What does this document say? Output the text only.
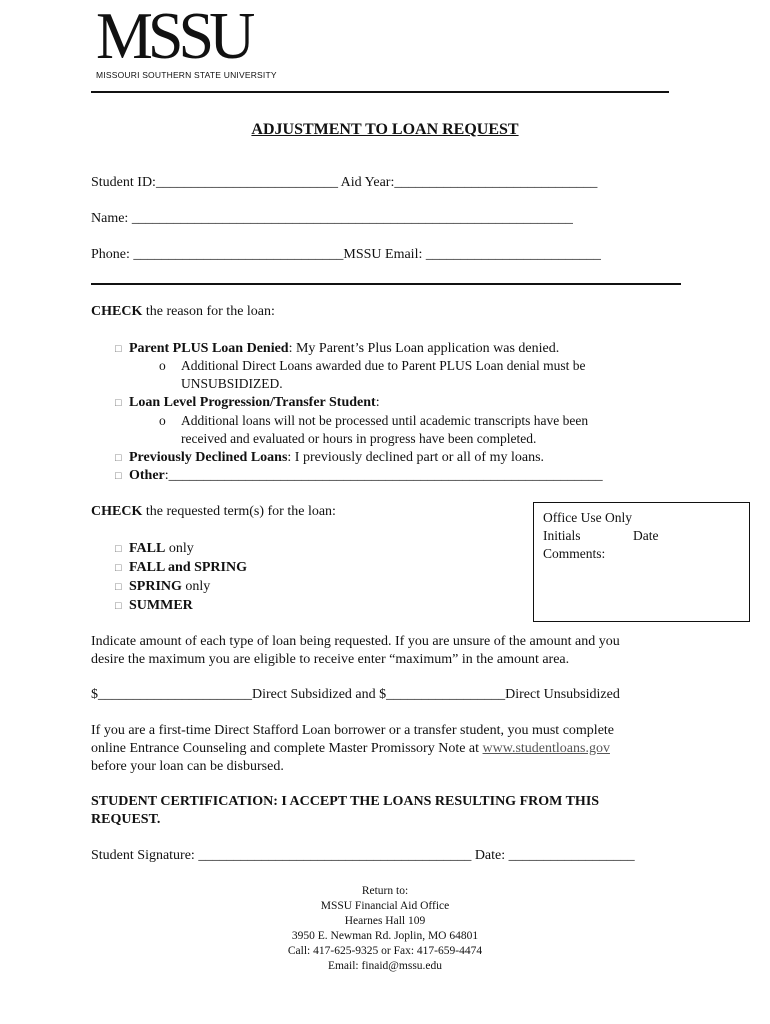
MSSU
MISSOURI SOUTHERN STATE UNIVERSITY
ADJUSTMENT TO LOAN REQUEST
Student ID:__________________________ Aid Year:_____________________________
Name: _______________________________________________________________
Phone: ______________________________MSSU Email: _________________________
CHECK the reason for the loan:
□ Parent PLUS Loan Denied: My Parent’s Plus Loan application was denied.
o Additional Direct Loans awarded due to Parent PLUS Loan denial must be
UNSUBSIDIZED.
□ Loan Level Progression/Transfer Student:
o Additional loans will not be processed until academic transcripts have been
received and evaluated or hours in progress have been completed.
□ Previously Declined Loans: I previously declined part or all of my loans.
□ Other:______________________________________________________________
CHECK the requested term(s) for the loan:
□ FALL only
□ FALL and SPRING
□ SPRING only
□ SUMMER
Office Use Only
Initials	Date
Comments:
Indicate amount of each type of loan being requested. If you are unsure of the amount and you
desire the maximum you are eligible to receive enter “maximum” in the amount area.
$______________________Direct Subsidized and $_________________Direct Unsubsidized
If you are a first-time Direct Stafford Loan borrower or a transfer student, you must complete
online Entrance Counseling and complete Master Promissory Note at www.studentloans.gov
before your loan can be disbursed.
STUDENT CERTIFICATION: I ACCEPT THE LOANS RESULTING FROM THIS
REQUEST.
Student Signature: _______________________________________ Date: __________________
Return to:
MSSU Financial Aid Office
Hearnes Hall 109
3950 E. Newman Rd. Joplin, MO 64801
Call: 417-625-9325 or Fax: 417-659-4474
Email: finaid@mssu.edu
